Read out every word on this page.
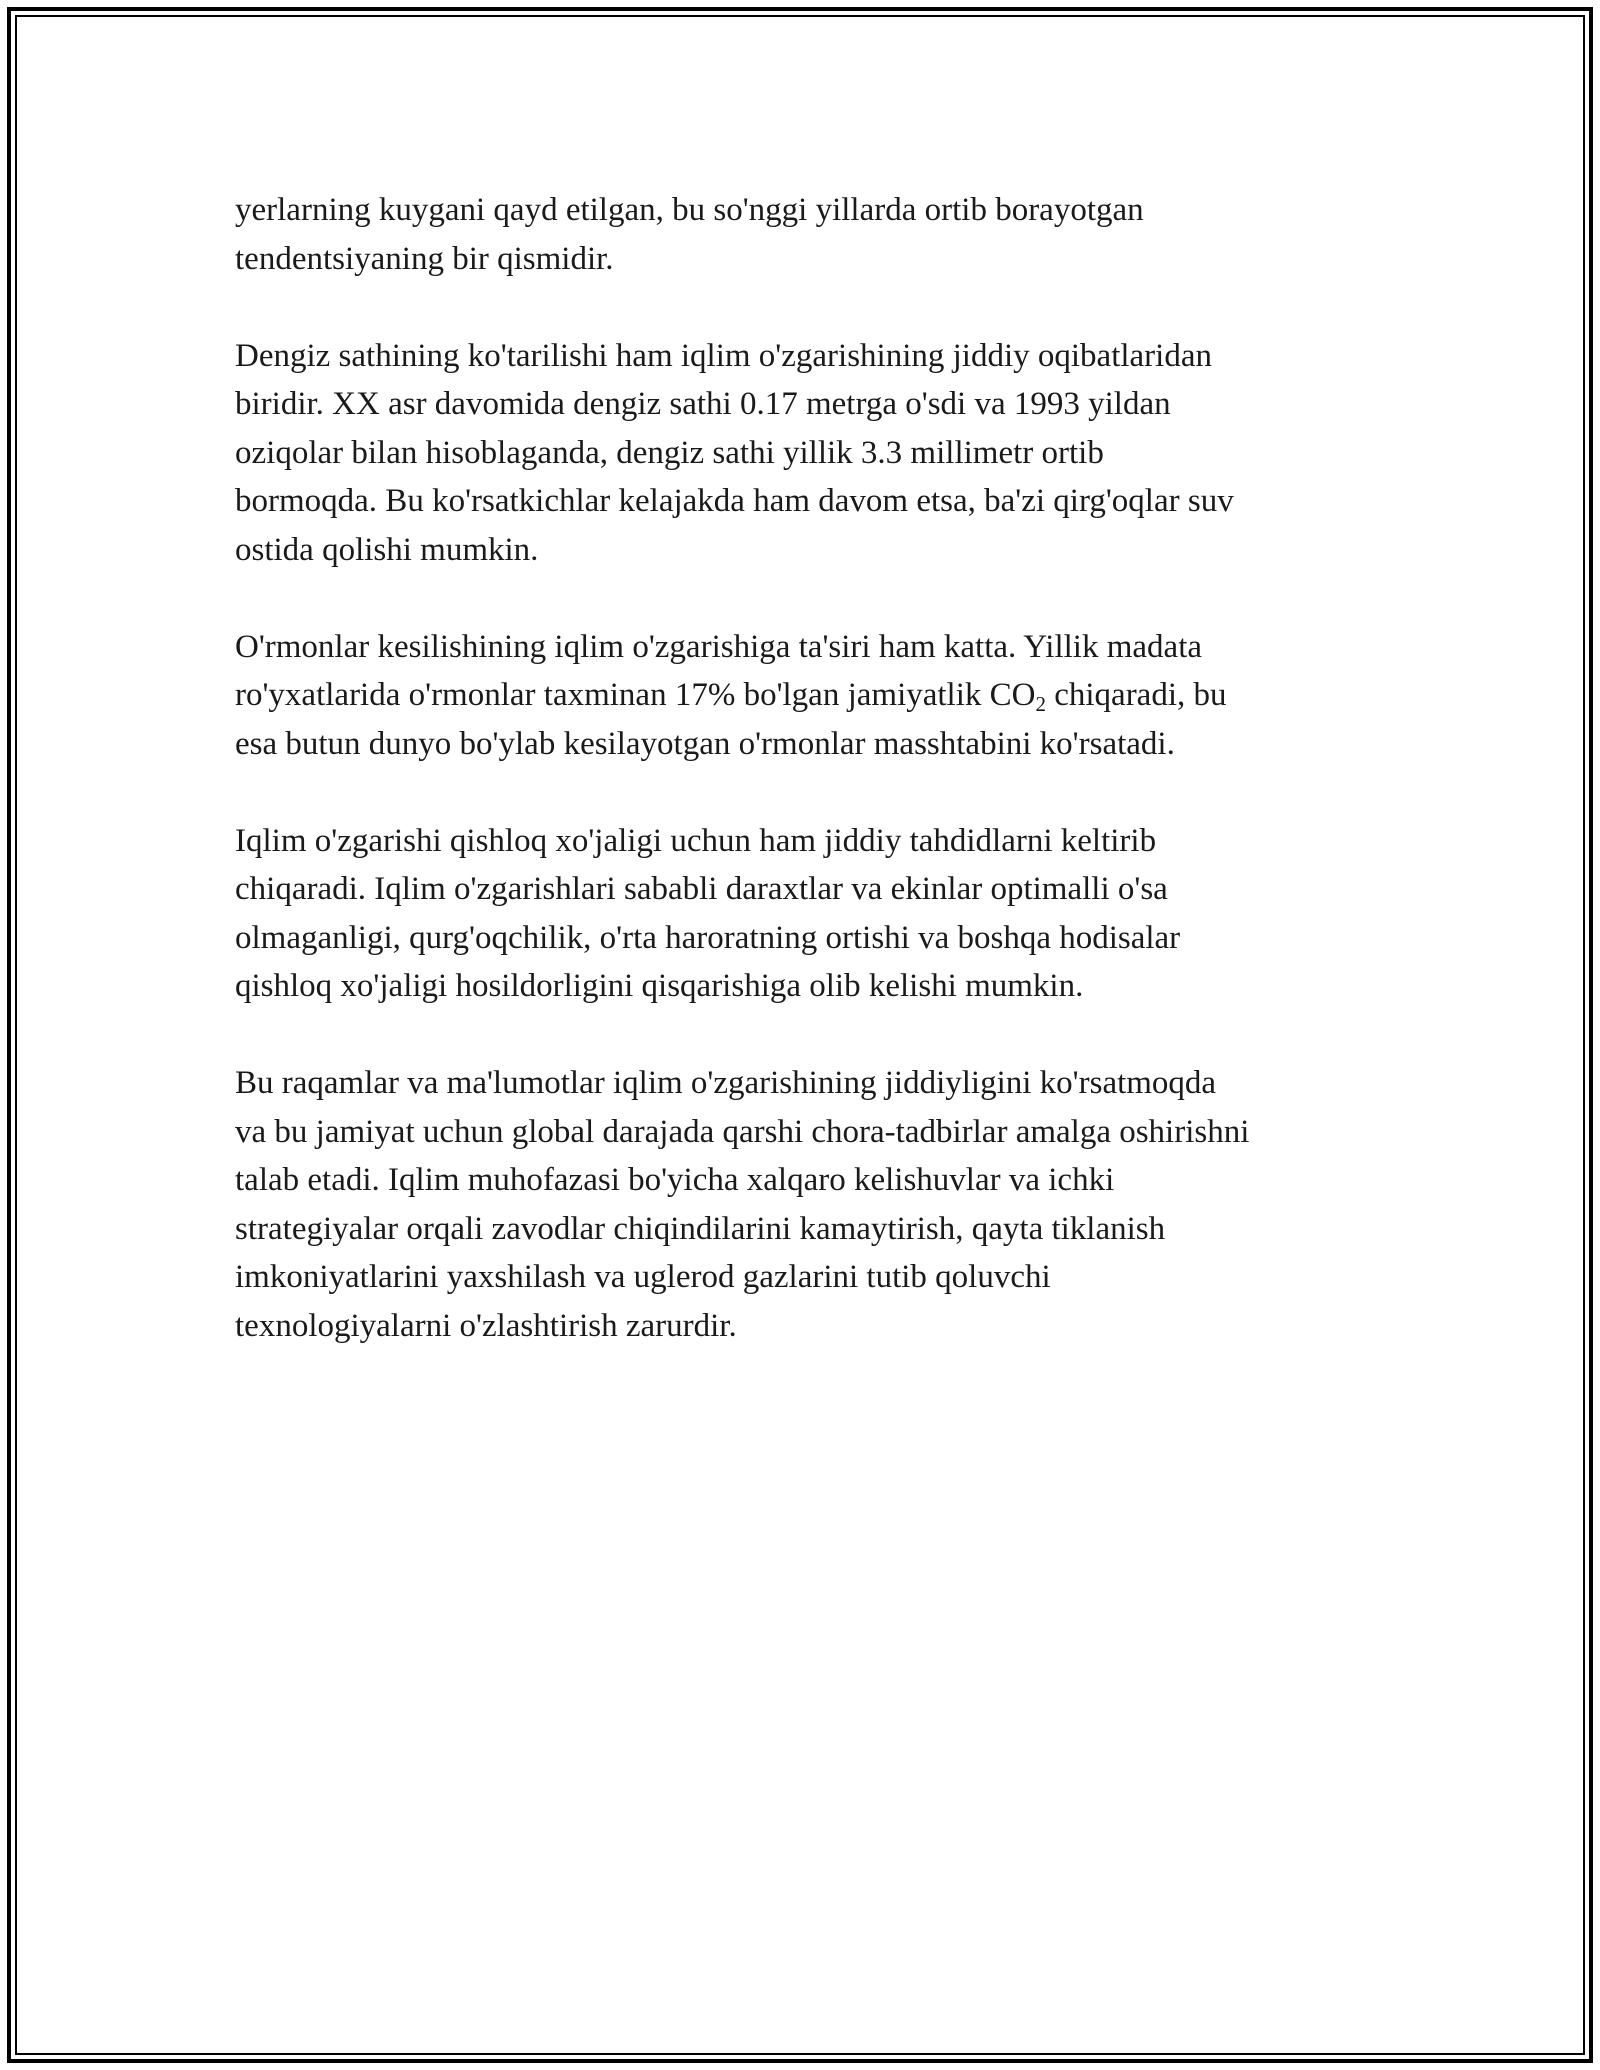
yerlarning kuygani qayd etilgan, bu so'nggi yillarda ortib borayotgan
tendentsiyaning bir qismidir.

Dengiz sathining ko'tarilishi ham iqlim o'zgarishining jiddiy oqibatlaridan
biridir. XX asr davomida dengiz sathi 0.17 metrga o'sdi va 1993 yildan
oziqolar bilan hisoblaganda, dengiz sathi yillik 3.3 millimetr ortib
bormoqda. Bu ko'rsatkichlar kelajakda ham davom etsa, ba'zi qirg'oqlar suv
ostida qolishi mumkin.

O'rmonlar kesilishining iqlim o'zgarishiga ta'siri ham katta. Yillik madata
ro'yxatlarida o'rmonlar taxminan 17% bo'lgan jamiyatlik $CO_2$ chiqaradi, bu
esa butun dunyo bo'ylab kesilayotgan o'rmonlar masshtabini ko'rsatadi.

Iqlim o'zgarishi qishloq xo'jaligi uchun ham jiddiy tahdidlarni keltirib
chiqaradi. Iqlim o'zgarishlari sababli daraxtlar va ekinlar optimalli o'sa
olmaganligi, qurg'oqchilik, o'rta haroratning ortishi va boshqa hodisalar
qishloq xo'jaligi hosildorligini qisqarishiga olib kelishi mumkin.

Bu raqamlar va ma'lumotlar iqlim o'zgarishining jiddiyligini ko'rsatmoqda
va bu jamiyat uchun global darajada qarshi chora-tadbirlar amalga oshirishni
talab etadi. Iqlim muhofazasi bo'yicha xalqaro kelishuvlar va ichki
strategiyalar orqali zavodlar chiqindilarini kamaytirish, qayta tiklanish
imkoniyatlarini yaxshilash va uglerod gazlarini tutib qoluvchi
texnologiyalarni o'zlashtirish zarurdir.
